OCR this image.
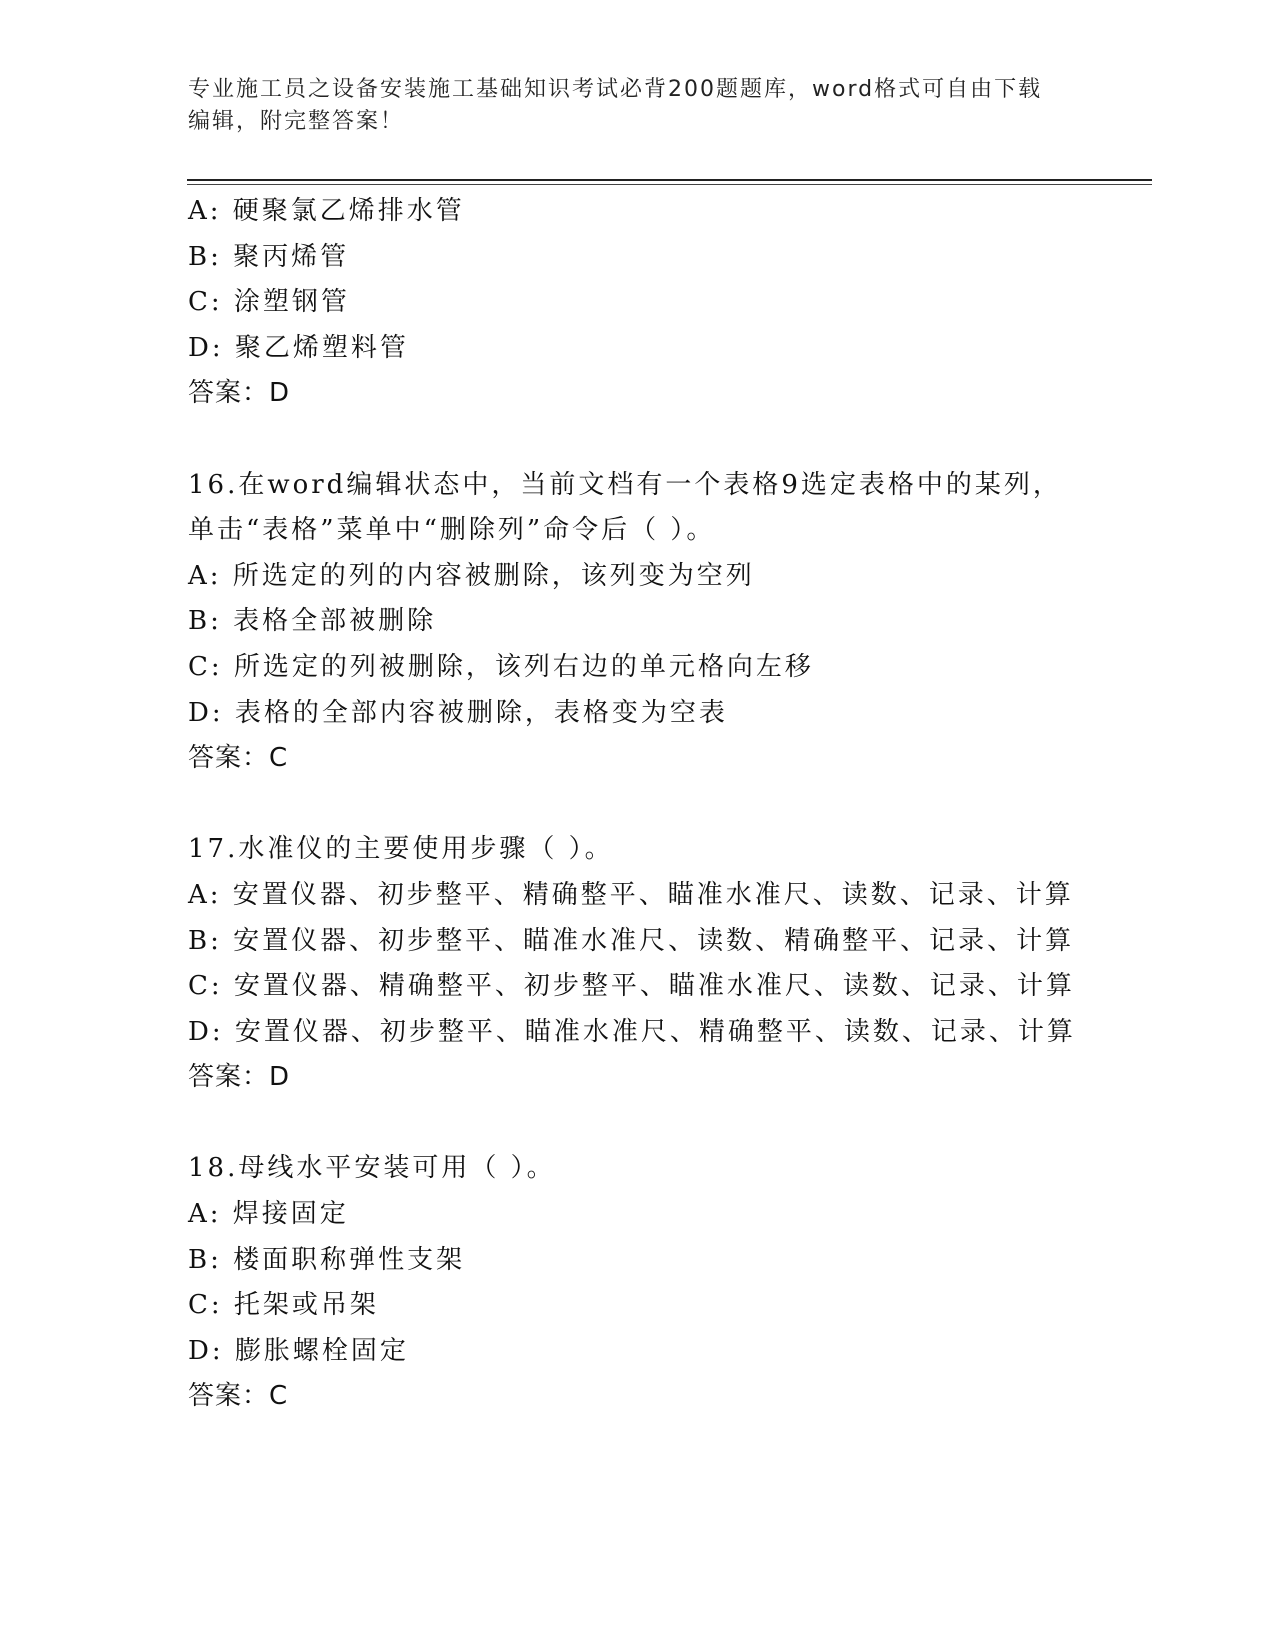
专业施工员之设备安装施工基础知识考试必背200题题库，word格式可自由下载
编辑，附完整答案！
A: 硬聚氯乙烯排水管
B: 聚丙烯管
C: 涂塑钢管
D: 聚乙烯塑料管
答案：D
16.在word编辑状态中，当前文档有一个表格9选定表格中的某列，
单击“表格”菜单中“删除列”命令后（ ）。
A: 所选定的列的内容被删除，该列变为空列
B: 表格全部被删除
C: 所选定的列被删除，该列右边的单元格向左移
D: 表格的全部内容被删除，表格变为空表
答案：C
17.水准仪的主要使用步骤（ ）。
A: 安置仪器、初步整平、精确整平、瞄准水准尺、读数、记录、计算
B: 安置仪器、初步整平、瞄准水准尺、读数、精确整平、记录、计算
C: 安置仪器、精确整平、初步整平、瞄准水准尺、读数、记录、计算
D: 安置仪器、初步整平、瞄准水准尺、精确整平、读数、记录、计算
答案：D
18.母线水平安装可用（ ）。
A: 焊接固定
B: 楼面职称弹性支架
C: 托架或吊架
D: 膨胀螺栓固定
答案：C
